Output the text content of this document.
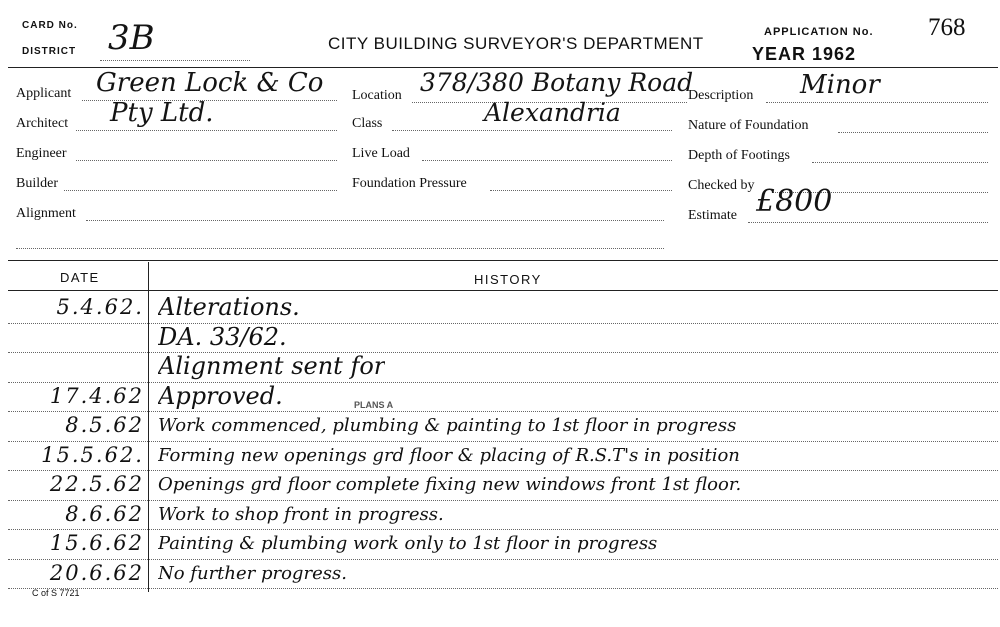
CARD No.
DISTRICT 3B	CITY BUILDING SURVEYOR'S DEPARTMENT
APPLICATION No. 768
YEAR 1962
Applicant Green Lock & Co
Architect Pty Ltd.
Engineer
Builder
Alignment
Location 378/380 Botany Road
Class	Alexandria
Live Load
Foundation Pressure
Description Minor
Nature of Foundation
Depth of Footings
Checked by
Estimate £800
DATE	HISTORY
5.4.62. Alterations.
DA. 33/62.
Alignment sent for
17.4.62 Approved.
8.5.62 Work commenced, plumbing & painting to 1st floor in progress
15.5.62. Forming new openings grd floor & placing of R.S.T's in position
22.5.62 Openings grd floor complete fixing new windows front 1st floor.
8.6.62 Work to shop front in progress.
15.6.62 Painting & plumbing work only to 1st floor in progress
20.6.62 No further progress.
PLANS A
C of S 7721
